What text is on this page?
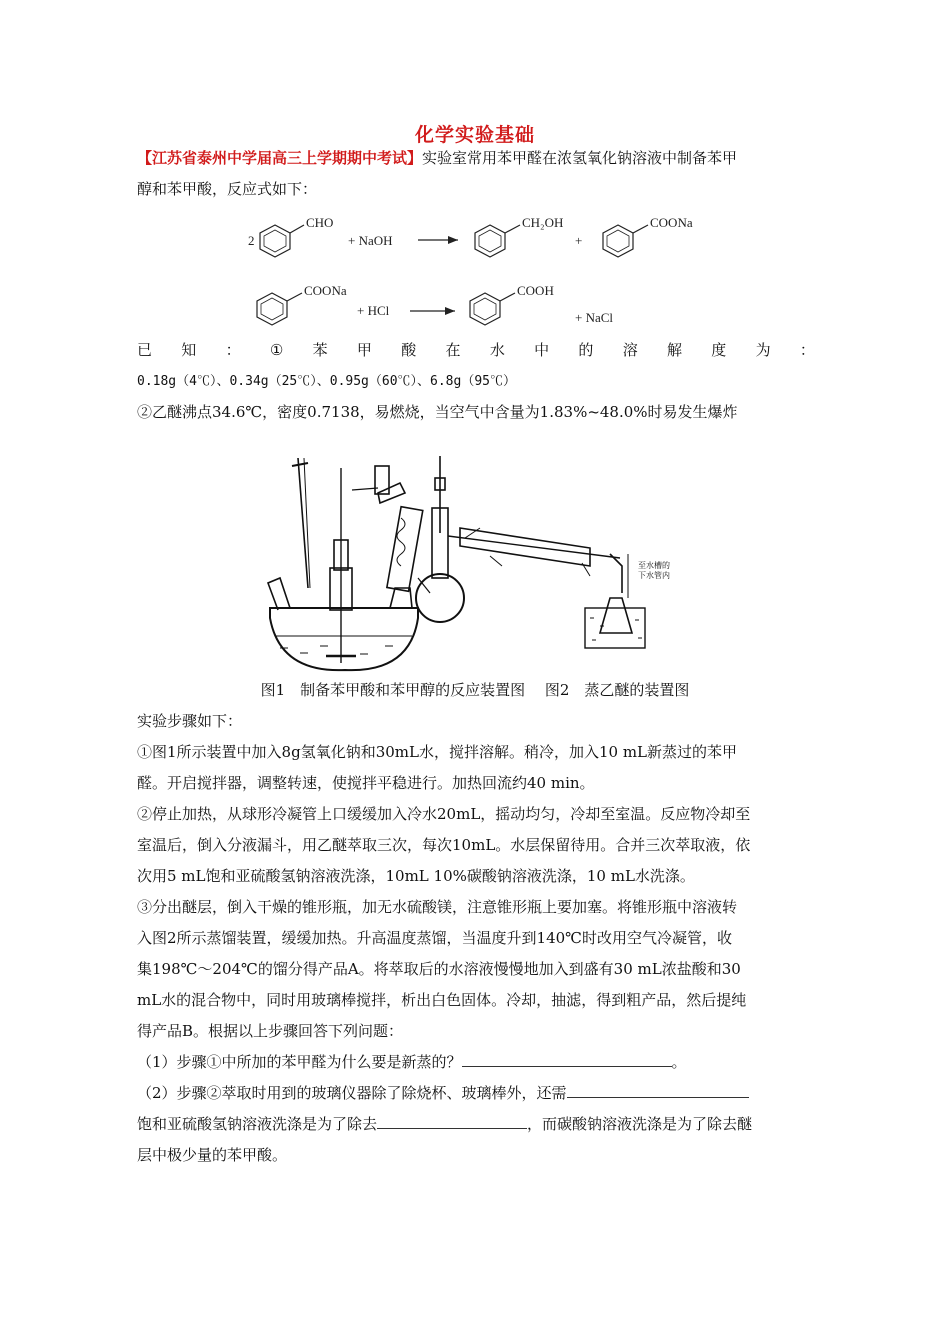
化学实验基础
【江苏省泰州中学届高三上学期期中考试】实验室常用苯甲醛在浓氢氧化钠溶液中制备苯甲
醇和苯甲酸，反应式如下：
2
CHO
+ NaOH
CH₂OH
+
COONa
COONa
+ HCl
COOH
+ NaCl
已 知 ： ① 苯 甲 酸 在 水 中 的 溶 解 度 为 ：
0.18g（4℃）、0.34g（25℃）、0.95g（60℃）、6.8g（95℃）
②乙醚沸点34.6℃，密度0.7138，易燃烧，当空气中含量为1.83%~48.0%时易发生爆炸
至水槽的
下水管内
图1　制备苯甲酸和苯甲醇的反应装置图　 图2　蒸乙醚的装置图
实验步骤如下：
①图1所示装置中加入8g氢氧化钠和30mL水，搅拌溶解。稍冷，加入10 mL新蒸过的苯甲
醛。开启搅拌器，调整转速，使搅拌平稳进行。加热回流约40 min。
②停止加热，从球形冷凝管上口缓缓加入冷水20mL，摇动均匀，冷却至室温。反应物冷却至
室温后，倒入分液漏斗，用乙醚萃取三次，每次10mL。水层保留待用。合并三次萃取液，依
次用5 mL饱和亚硫酸氢钠溶液洗涤，10mL 10%碳酸钠溶液洗涤，10 mL水洗涤。
③分出醚层，倒入干燥的锥形瓶，加无水硫酸镁，注意锥形瓶上要加塞。将锥形瓶中溶液转
入图2所示蒸馏装置，缓缓加热。升高温度蒸馏，当温度升到140℃时改用空气冷凝管，收
集198℃～204℃的馏分得产品A。将萃取后的水溶液慢慢地加入到盛有30 mL浓盐酸和30
mL水的混合物中，同时用玻璃棒搅拌，析出白色固体。冷却，抽滤，得到粗产品，然后提纯
得产品B。根据以上步骤回答下列问题：
（1）步骤①中所加的苯甲醛为什么要是新蒸的？	。
（2）步骤②萃取时用到的玻璃仪器除了除烧杯、玻璃棒外，还需
饱和亚硫酸氢钠溶液洗涤是为了除去	，而碳酸钠溶液洗涤是为了除去醚
层中极少量的苯甲酸。
